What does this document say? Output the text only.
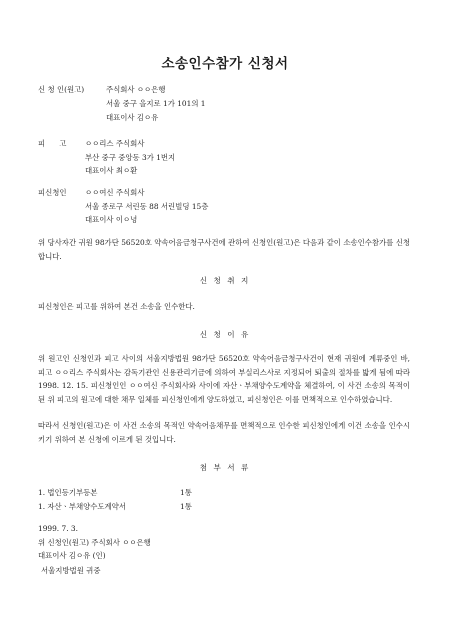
소송인수참가 신청서
신 청 인(원고)	주식회사 ㅇㅇ은행
서울 중구 을지로 1가 101의 1
대표이사 김ㅇ유
피      고	ㅇㅇ리스 주식회사
부산 중구 중앙동 3가 1번지
대표이사 최ㅇ환
피신청인 ㅇㅇ여신 주식회사
서울 종로구 서린동 88 서린빌딩 15층
대표이사 이ㅇ녕
위 당사자간 귀원 98가단 56520호 약속어음금청구사건에 관하여 신청인(원고)은 다음과 같이 소송인수참가를 신청합니다.
신 청 취 지
피신청인은 피고를 위하여 본건 소송을 인수한다.
신 청 이 유
위 원고인 신청인과 피고 사이의 서울지방법원 98가단 56520호 약속어음금청구사건이 현재 귀원에 계류중인 바, 피고 ㅇㅇ리스 주식회사는 감독기관인 신용관리기금에 의하여 부실리스사로 지정되어 퇴출의 절차를 밟게 됨에 따라 1998. 12. 15. 피신청인인 ㅇㅇ여신 주식회사와 사이에 자산ㆍ부채양수도계약을 체결하여, 이 사건 소송의 목적이 된 위 피고의 원고에 대한 채무 일체를 피신청인에게 양도하였고, 피신청인은 이를 면책적으로 인수하였습니다.
따라서 신청인(원고)은 이 사건 소송의 목적인 약속어음채무를 면책적으로 인수한 피신청인에게 이건 소송을 인수시키기 위하여 본 신청에 이르게 된 것입니다.
첨 부 서 류
1. 법인등기부등본	1통
1. 자산ㆍ부채양수도계약서	1통
1999. 7. 3.
위 신청인(원고) 주식회사 ㅇㅇ은행
대표이사 김ㅇ유 (인)
서울지방법원 귀중
